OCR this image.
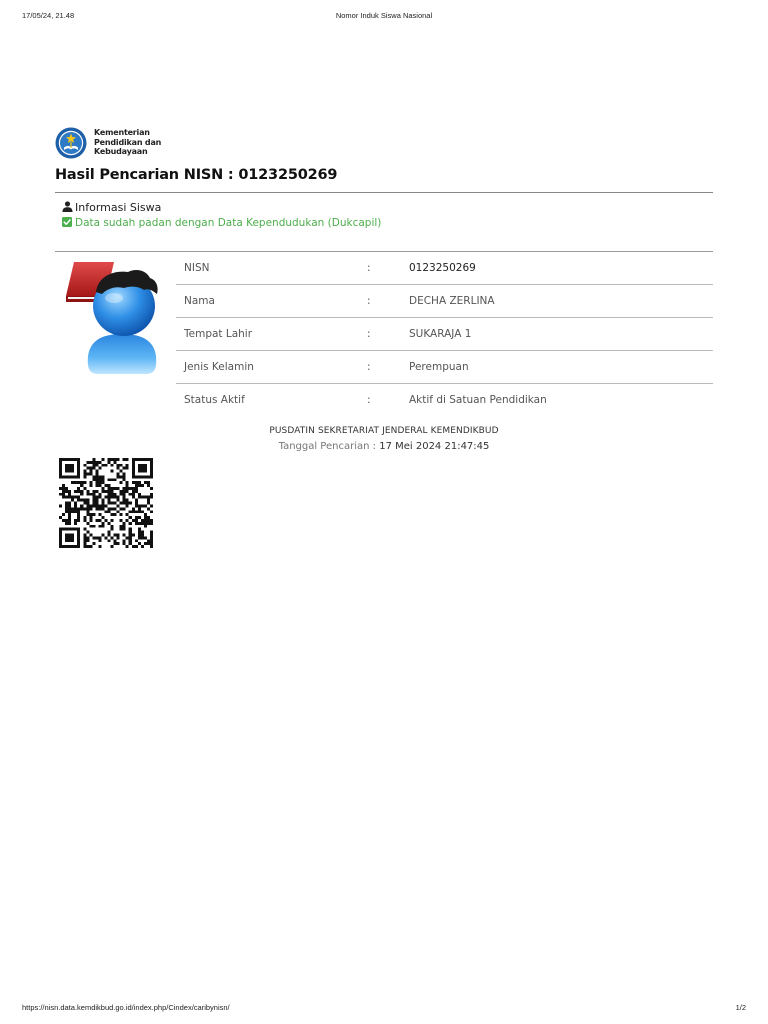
17/05/24, 21.48	Nomor Induk Siswa Nasional
Kementerian
Pendidikan dan
Kebudayaan
Hasil Pencarian NISN : 0123250269
Informasi Siswa
Data sudah padan dengan Data Kependudukan (Dukcapil)
NISN	:	0123250269
Nama	:	DECHA ZERLINA
Tempat Lahir	:	SUKARAJA 1
Jenis Kelamin	:	Perempuan
Status Aktif	:	Aktif di Satuan Pendidikan
PUSDATIN SEKRETARIAT JENDERAL KEMENDIKBUD
Tanggal Pencarian : 17 Mei 2024 21:47:45
https://nisn.data.kemdikbud.go.id/index.php/Cindex/caribynisn/	1/2
